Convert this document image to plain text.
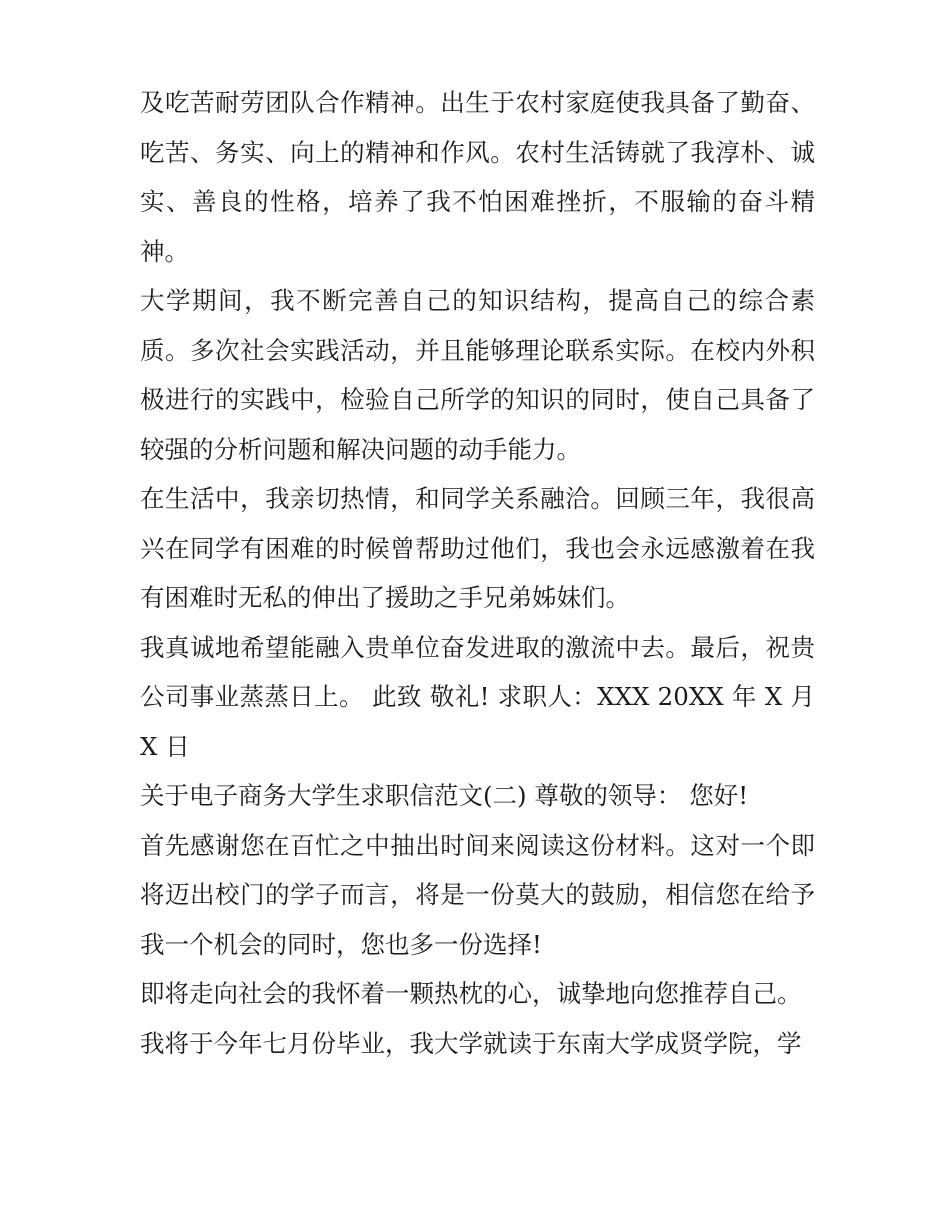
及吃苦耐劳团队合作精神。出生于农村家庭使我具备了勤奋、吃苦、务实、向上的精神和作风。农村生活铸就了我淳朴、诚实、善良的性格，培养了我不怕困难挫折，不服输的奋斗精神。

大学期间，我不断完善自己的知识结构，提高自己的综合素质。多次社会实践活动，并且能够理论联系实际。在校内外积极进行的实践中，检验自己所学的知识的同时，使自己具备了较强的分析问题和解决问题的动手能力。

在生活中，我亲切热情，和同学关系融洽。回顾三年，我很高兴在同学有困难的时候曾帮助过他们，我也会永远感激着在我有困难时无私的伸出了援助之手兄弟姊妹们。

我真诚地希望能融入贵单位奋发进取的激流中去。最后，祝贵公司事业蒸蒸日上。 此致 敬礼! 求职人：XXX 20XX 年 X 月 X 日

关于电子商务大学生求职信范文(二) 尊敬的领导： 您好!

首先感谢您在百忙之中抽出时间来阅读这份材料。这对一个即将迈出校门的学子而言，将是一份莫大的鼓励，相信您在给予我一个机会的同时，您也多一份选择!

即将走向社会的我怀着一颗热枕的心，诚挚地向您推荐自己。

我将于今年七月份毕业，我大学就读于东南大学成贤学院，学
